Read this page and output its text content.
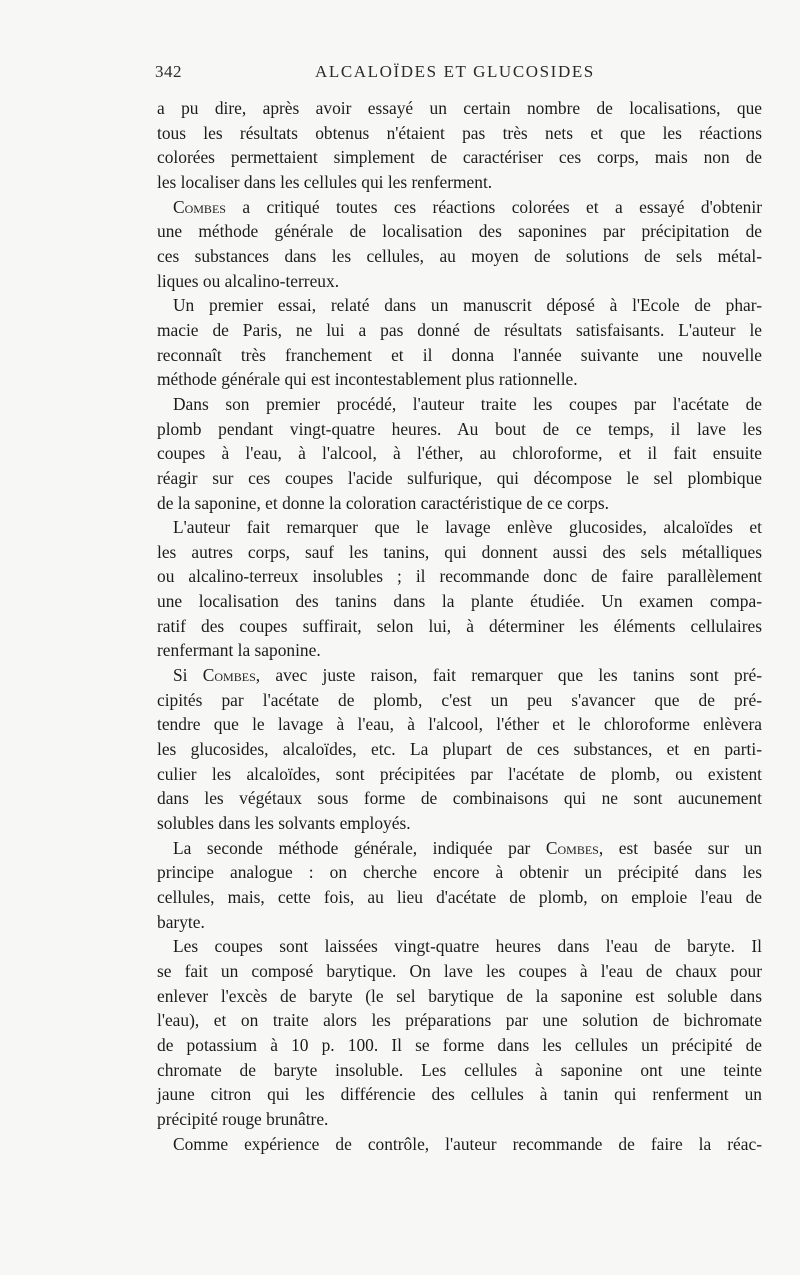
342	ALCALOÏDES ET GLUCOSIDES
a pu dire, après avoir essayé un certain nombre de localisations, que
tous les résultats obtenus n'étaient pas très nets et que les réactions
colorées permettaient simplement de caractériser ces corps, mais non de
les localiser dans les cellules qui les renferment.
Combes a critiqué toutes ces réactions colorées et a essayé d'obtenir
une méthode générale de localisation des saponines par précipitation de
ces substances dans les cellules, au moyen de solutions de sels métal-
liques ou alcalino-terreux.
Un premier essai, relaté dans un manuscrit déposé à l'Ecole de phar-
macie de Paris, ne lui a pas donné de résultats satisfaisants. L'auteur le
reconnaît très franchement et il donna l'année suivante une nouvelle
méthode générale qui est incontestablement plus rationnelle.
Dans son premier procédé, l'auteur traite les coupes par l'acétate de
plomb pendant vingt-quatre heures. Au bout de ce temps, il lave les
coupes à l'eau, à l'alcool, à l'éther, au chloroforme, et il fait ensuite
réagir sur ces coupes l'acide sulfurique, qui décompose le sel plombique
de la saponine, et donne la coloration caractéristique de ce corps.
L'auteur fait remarquer que le lavage enlève glucosides, alcaloïdes et
les autres corps, sauf les tanins, qui donnent aussi des sels métalliques
ou alcalino-terreux insolubles ; il recommande donc de faire parallèlement
une localisation des tanins dans la plante étudiée. Un examen compa-
ratif des coupes suffirait, selon lui, à déterminer les éléments cellulaires
renfermant la saponine.
Si Combes, avec juste raison, fait remarquer que les tanins sont pré-
cipités par l'acétate de plomb, c'est un peu s'avancer que de pré-
tendre que le lavage à l'eau, à l'alcool, l'éther et le chloroforme enlèvera
les glucosides, alcaloïdes, etc. La plupart de ces substances, et en parti-
culier les alcaloïdes, sont précipitées par l'acétate de plomb, ou existent
dans les végétaux sous forme de combinaisons qui ne sont aucunement
solubles dans les solvants employés.
La seconde méthode générale, indiquée par Combes, est basée sur un
principe analogue : on cherche encore à obtenir un précipité dans les
cellules, mais, cette fois, au lieu d'acétate de plomb, on emploie l'eau de
baryte.
Les coupes sont laissées vingt-quatre heures dans l'eau de baryte. Il
se fait un composé barytique. On lave les coupes à l'eau de chaux pour
enlever l'excès de baryte (le sel barytique de la saponine est soluble dans
l'eau), et on traite alors les préparations par une solution de bichromate
de potassium à 10 p. 100. Il se forme dans les cellules un précipité de
chromate de baryte insoluble. Les cellules à saponine ont une teinte
jaune citron qui les différencie des cellules à tanin qui renferment un
précipité rouge brunâtre.
Comme expérience de contrôle, l'auteur recommande de faire la réac-
